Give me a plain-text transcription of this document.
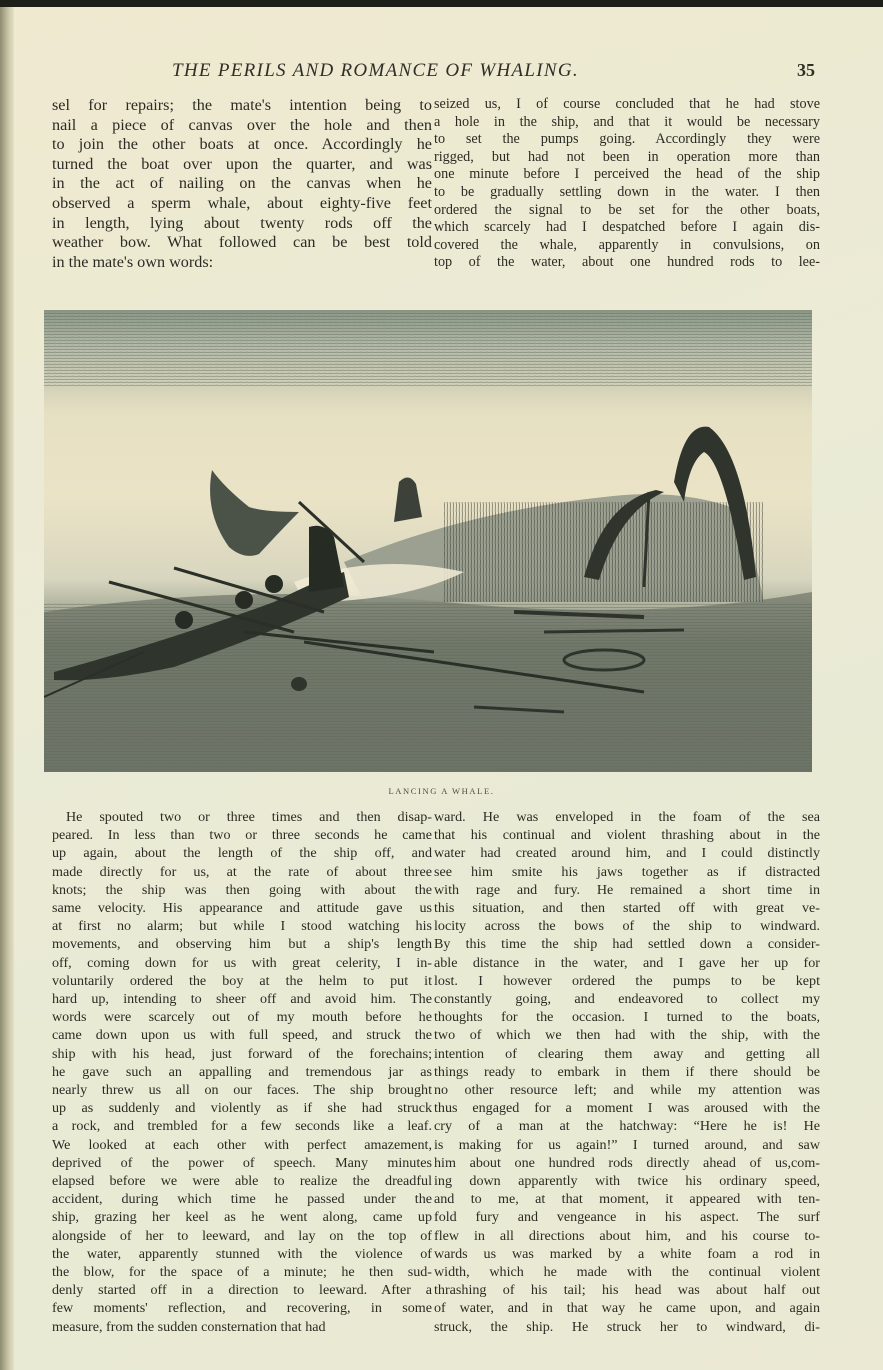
THE PERILS AND ROMANCE OF WHALING.	35
sel for repairs; the mate's intention being to
nail a piece of canvas over the hole and then
to join the other boats at once. Accordingly he
turned the boat over upon the quarter, and was
in the act of nailing on the canvas when he
observed a sperm whale, about eighty-five feet
in length, lying about twenty rods off the
weather bow. What followed can be best told
in the mate's own words:
seized us, I of course concluded that he had stove
a hole in the ship, and that it would be necessary
to set the pumps going. Accordingly they were
rigged, but had not been in operation more than
one minute before I perceived the head of the ship
to be gradually settling down in the water. I then
ordered the signal to be set for the other boats,
which scarcely had I despatched before I again dis-
covered the whale, apparently in convulsions, on
top of the water, about one hundred rods to lee-
LANCING A WHALE.
He spouted two or three times and then disap-
peared. In less than two or three seconds he came
up again, about the length of the ship off, and
made directly for us, at the rate of about three
knots; the ship was then going with about the
same velocity. His appearance and attitude gave us
at first no alarm; but while I stood watching his
movements, and observing him but a ship's length
off, coming down for us with great celerity, I in-
voluntarily ordered the boy at the helm to put it
hard up, intending to sheer off and avoid him. The
words were scarcely out of my mouth before he
came down upon us with full speed, and struck the
ship with his head, just forward of the forechains;
he gave such an appalling and tremendous jar as
nearly threw us all on our faces. The ship brought
up as suddenly and violently as if she had struck
a rock, and trembled for a few seconds like a leaf.
We looked at each other with perfect amazement,
deprived of the power of speech. Many minutes
elapsed before we were able to realize the dreadful
accident, during which time he passed under the
ship, grazing her keel as he went along, came up
alongside of her to leeward, and lay on the top of
the water, apparently stunned with the violence of
the blow, for the space of a minute; he then sud-
denly started off in a direction to leeward. After a
few moments' reflection, and recovering, in some
measure, from the sudden consternation that had
ward. He was enveloped in the foam of the sea
that his continual and violent thrashing about in the
water had created around him, and I could distinctly
see him smite his jaws together as if distracted
with rage and fury. He remained a short time in
this situation, and then started off with great ve-
locity across the bows of the ship to windward.
By this time the ship had settled down a consider-
able distance in the water, and I gave her up for
lost. I however ordered the pumps to be kept
constantly going, and endeavored to collect my
thoughts for the occasion. I turned to the boats,
two of which we then had with the ship, with the
intention of clearing them away and getting all
things ready to embark in them if there should be
no other resource left; and while my attention was
thus engaged for a moment I was aroused with the
cry of a man at the hatchway: “Here he is! He
is making for us again!” I turned around, and saw
him about one hundred rods directly ahead of us,com-
ing down apparently with twice his ordinary speed,
and to me, at that moment, it appeared with ten-
fold fury and vengeance in his aspect. The surf
flew in all directions about him, and his course to-
wards us was marked by a white foam a rod in
width, which he made with the continual violent
thrashing of his tail; his head was about half out
of water, and in that way he came upon, and again
struck, the ship. He struck her to windward, di-
